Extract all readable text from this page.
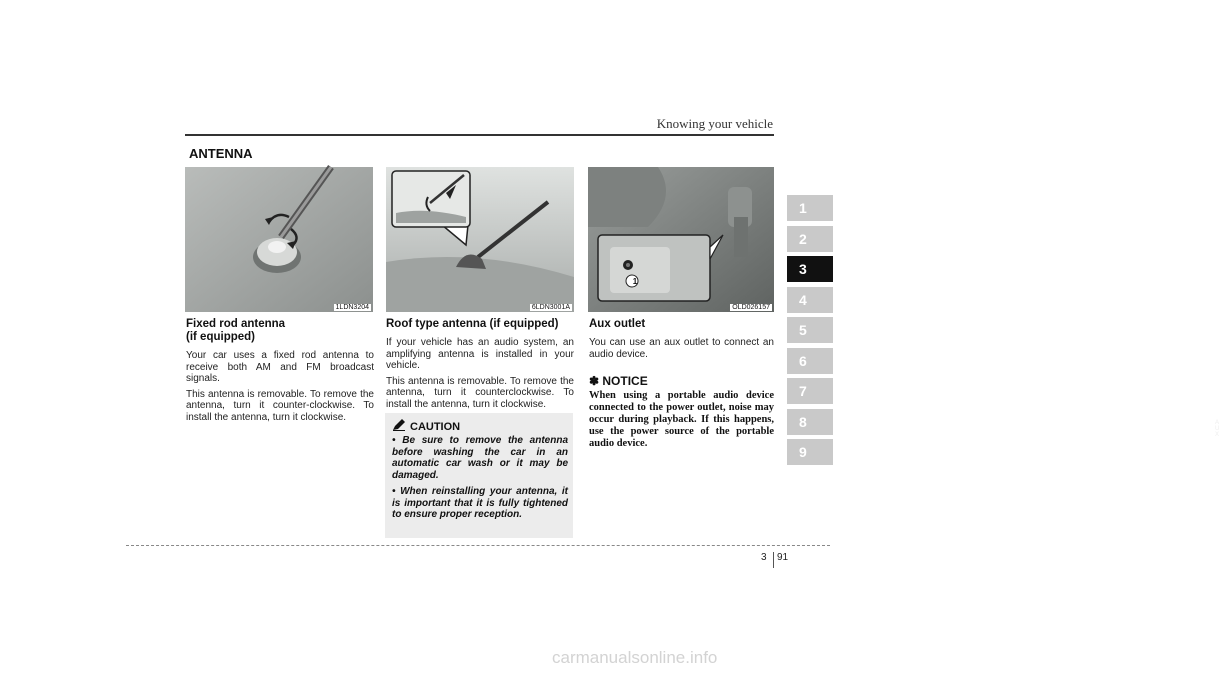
Knowing your vehicle
ANTENNA
1
2
3
4
5
6
7
8
9
1LDN3204	6LDN3001A
AUX
OLD026157
1
Fixed rod antenna
(if equipped)

Your car uses a fixed rod antenna to receive both AM and FM broadcast signals.

This antenna is removable. To remove the antenna, turn it counter-clockwise. To install the antenna, turn it clockwise.

Roof type antenna (if equipped)

If your vehicle has an audio system, an amplifying antenna is installed in your vehicle.

This antenna is removable. To remove the antenna, turn it counterclockwise. To install the antenna, turn it clockwise.

CAUTION
• Be sure to remove the antenna before washing the car in an automatic car wash or it may be damaged.
• When reinstalling your antenna, it is important that it is fully tightened to ensure proper reception.
Aux outlet

You can use an aux outlet to connect an audio device.

✽ NOTICE
When using a portable audio device connected to the power outlet, noise may occur during playback. If this happens, use the power source of the portable audio device.
3 91
carmanualsonline.info
